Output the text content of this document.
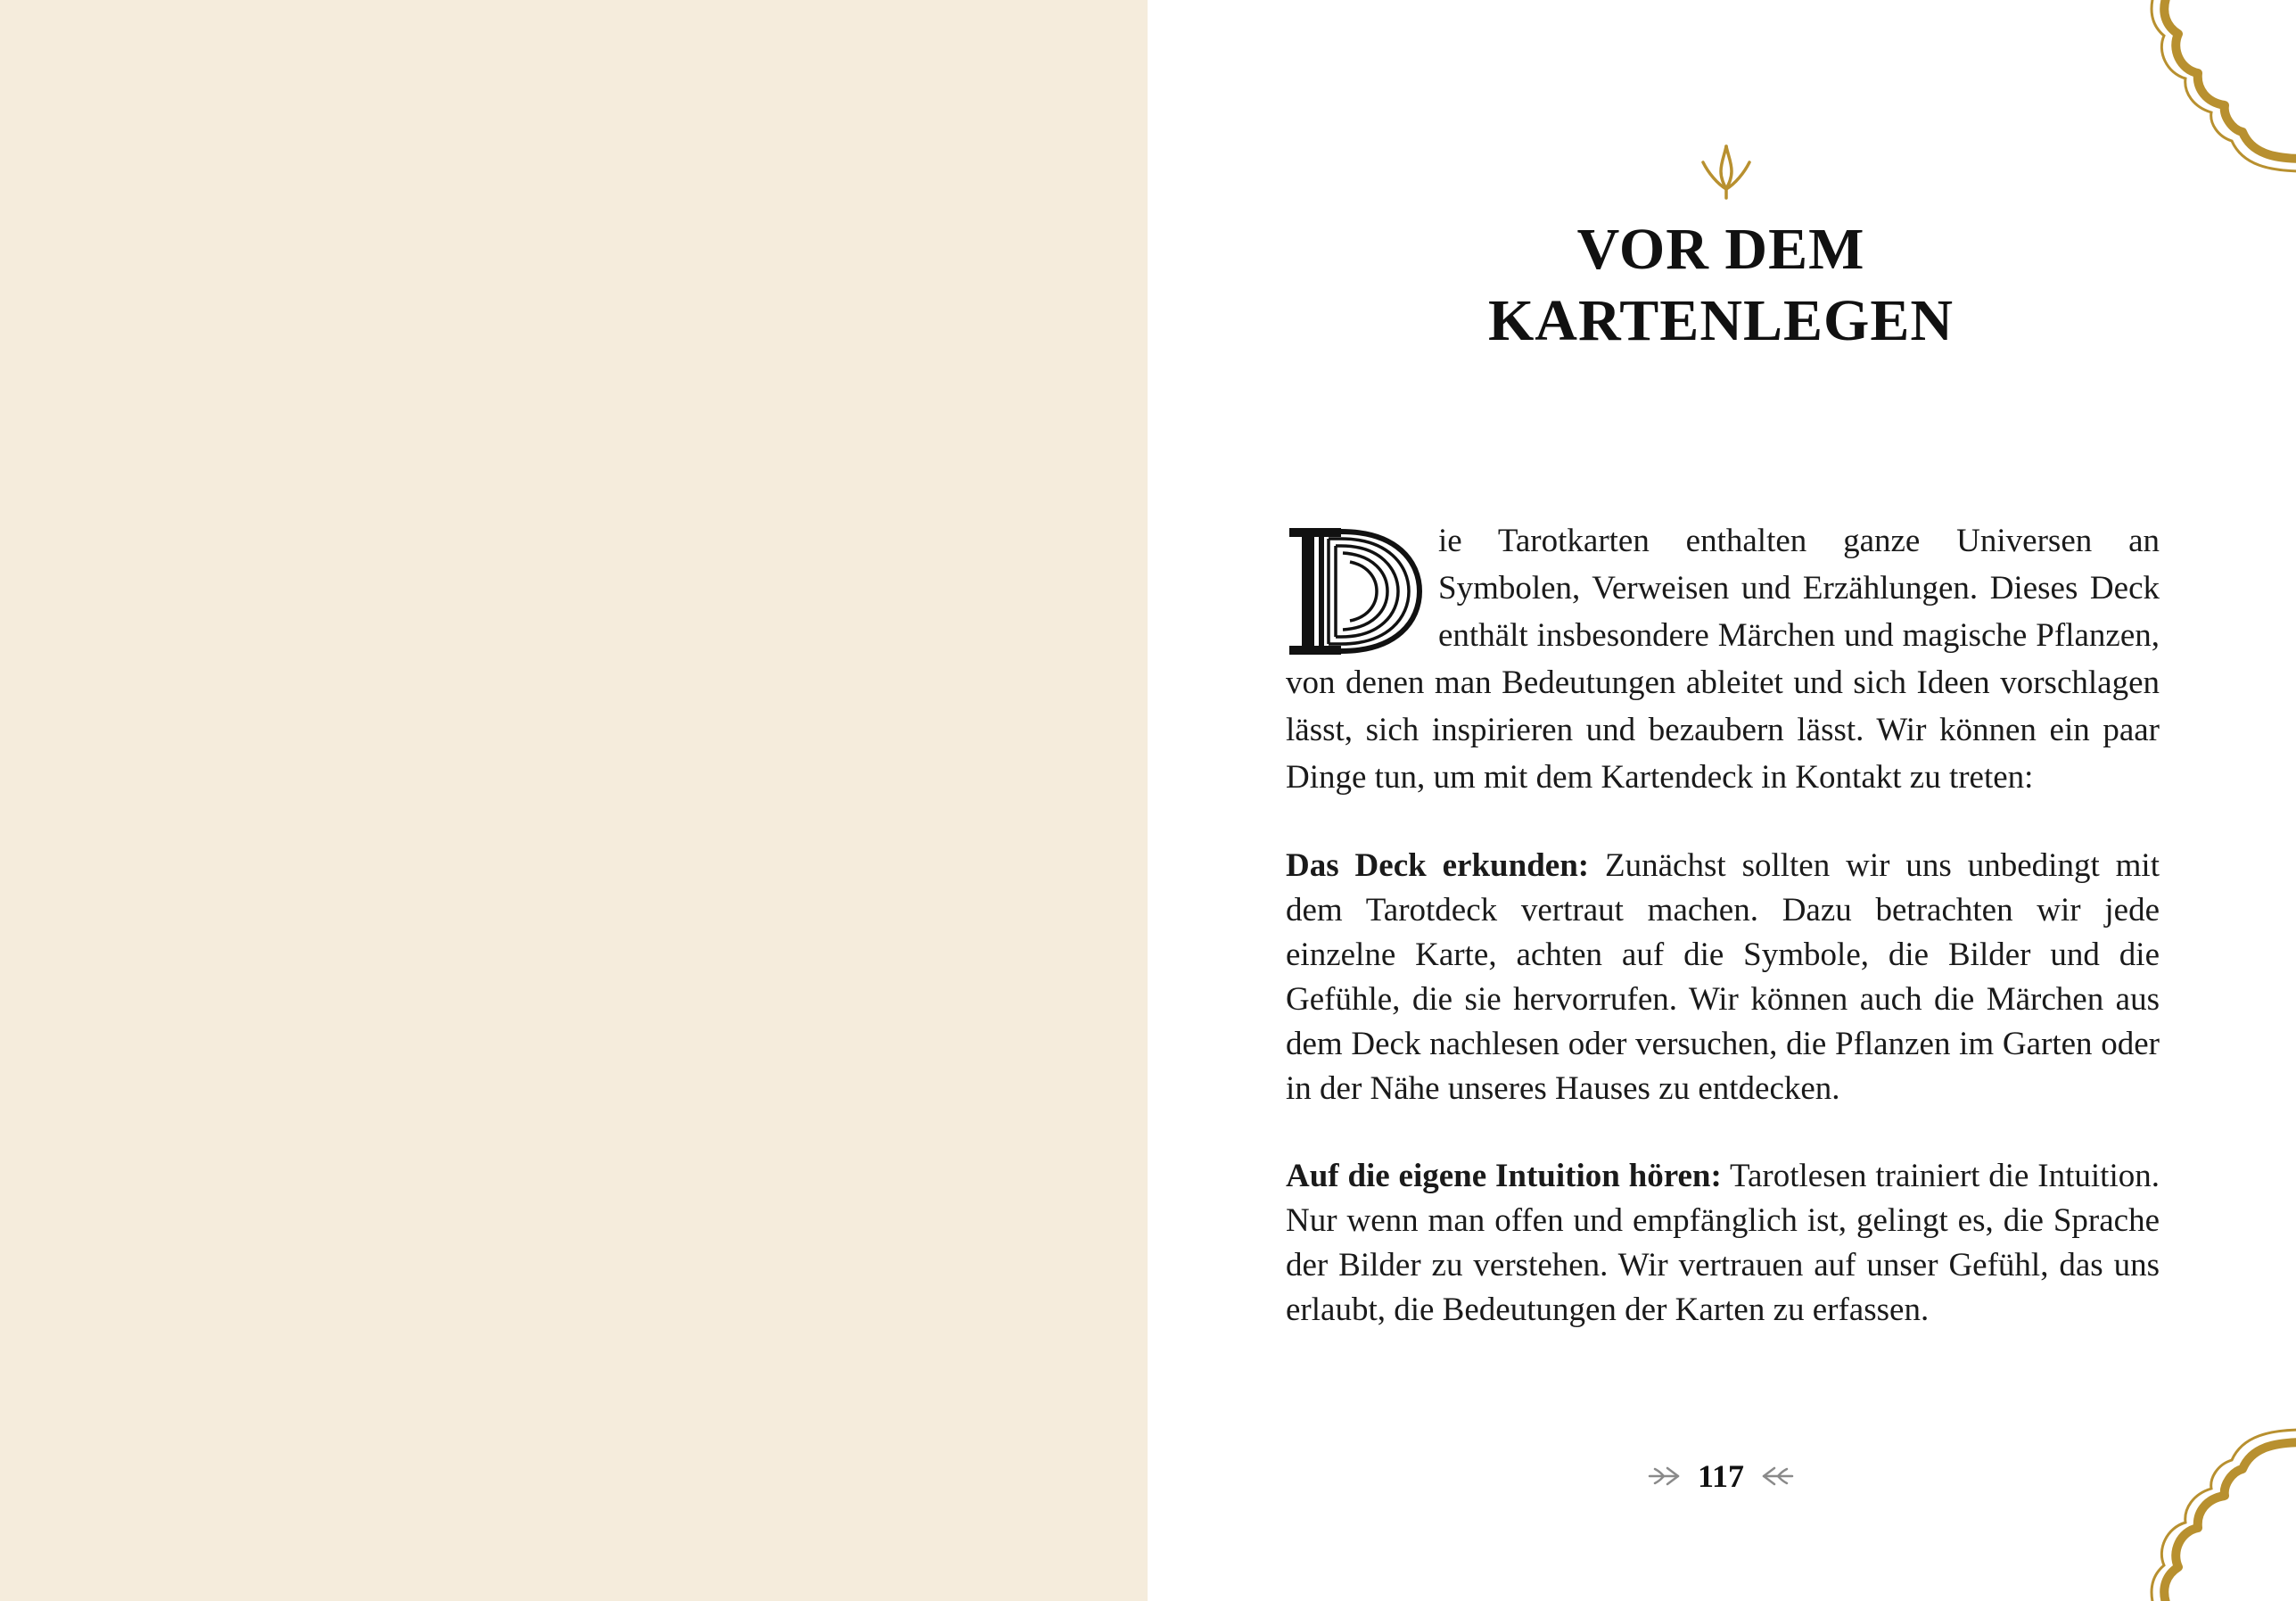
VOR DEM
KARTENLEGEN

ie Tarotkarten enthalten ganze Universen an Symbolen, Verweisen und Erzählungen. Dieses Deck enthält insbesondere Märchen und magische Pflanzen, von denen man Bedeutungen ableitet und sich Ideen vorschlagen lässt, sich inspirieren und bezaubern lässt. Wir können ein paar Dinge tun, um mit dem Kartendeck in Kontakt zu treten:

Das Deck erkunden: Zunächst sollten wir uns unbedingt mit dem Tarotdeck vertraut machen. Dazu betrachten wir jede einzelne Karte, achten auf die Symbole, die Bilder und die Gefühle, die sie hervorrufen. Wir können auch die Märchen aus dem Deck nachlesen oder versuchen, die Pflanzen im Garten oder in der Nähe unseres Hauses zu entdecken.

Auf die eigene Intuition hören: Tarotlesen trainiert die Intuition. Nur wenn man offen und empfänglich ist, gelingt es, die Sprache der Bilder zu verstehen. Wir vertrauen auf unser Gefühl, das uns erlaubt, die Bedeutungen der Karten zu erfassen.

117
